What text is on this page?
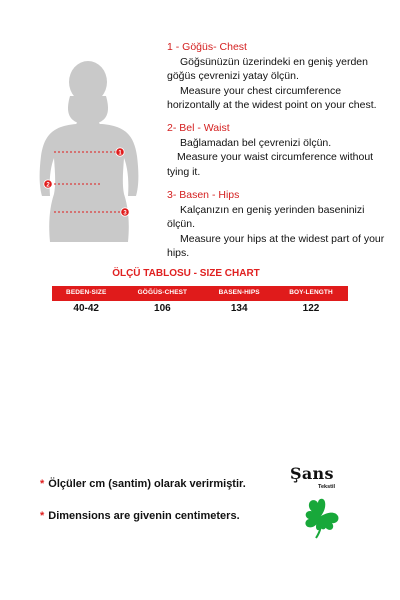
1
2
3
1 - Göğüs- Chest
Göğsünüzün üzerindeki en geniş yerden göğüs çevrenizi yatay ölçün.
Measure your chest circumference horizontally at the widest point on your chest.
2- Bel - Waist
Bağlamadan bel çevrenizi ölçün.
Measure your waist circumference without tying it.
3- Basen - Hips
Kalçanızın en geniş yerinden baseninizi ölçün.
Measure your hips at the widest part of your hips.
ÖLÇÜ TABLOSU - SIZE CHART
BEDEN-SIZE	GÖĞÜS-CHEST	BASEN-HIPS	BOY-LENGTH

40-42	106	134	122
* Ölçüler cm (santim) olarak verirmiştir.
* Dimensions are givenin centimeters.
Şans
Tekstil
